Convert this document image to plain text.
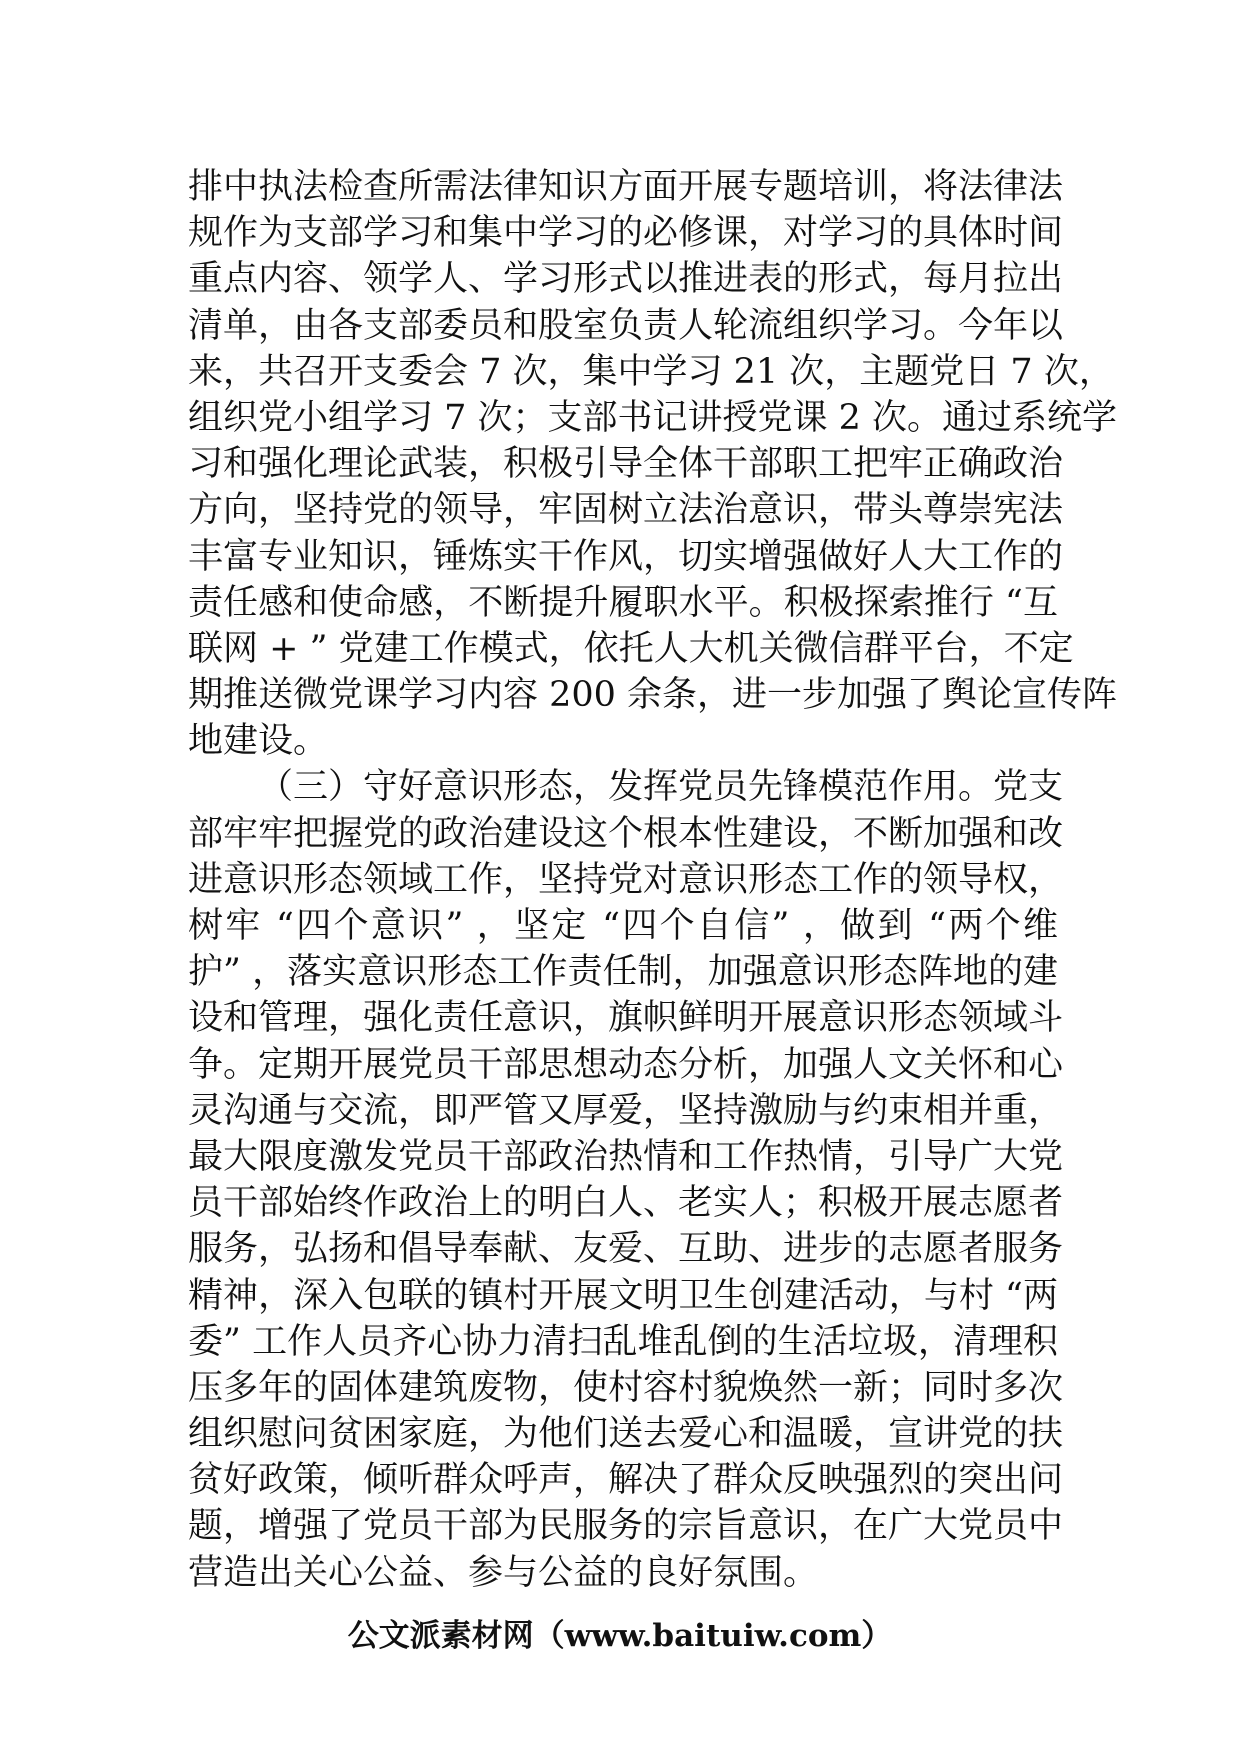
排中执法检查所需法律知识方面开展专题培训，将法律法
规作为支部学习和集中学习的必修课，对学习的具体时间
重点内容、领学人、学习形式以推进表的形式，每月拉出
清单，由各支部委员和股室负责人轮流组织学习。今年以
来，共召开支委会 7 次，集中学习 21 次，主题党日 7 次，
组织党小组学习 7 次；支部书记讲授党课 2 次。通过系统学
习和强化理论武装，积极引导全体干部职工把牢正确政治
方向，坚持党的领导，牢固树立法治意识，带头尊崇宪法
丰富专业知识，锤炼实干作风，切实增强做好人大工作的
责任感和使命感，不断提升履职水平。积极探索推行 “互
联网 + ” 党建工作模式，依托人大机关微信群平台，不定
期推送微党课学习内容 200 余条，进一步加强了舆论宣传阵
地建设。
（三）守好意识形态，发挥党员先锋模范作用。党支
部牢牢把握党的政治建设这个根本性建设，不断加强和改
进意识形态领域工作，坚持党对意识形态工作的领导权，
树牢 “四个意识” ，坚定 “四个自信” ，做到 “两个维
护” ，落实意识形态工作责任制，加强意识形态阵地的建
设和管理，强化责任意识，旗帜鲜明开展意识形态领域斗
争。定期开展党员干部思想动态分析，加强人文关怀和心
灵沟通与交流，即严管又厚爱，坚持激励与约束相并重，
最大限度激发党员干部政治热情和工作热情，引导广大党
员干部始终作政治上的明白人、老实人；积极开展志愿者
服务，弘扬和倡导奉献、友爱、互助、进步的志愿者服务
精神，深入包联的镇村开展文明卫生创建活动，与村 “两
委” 工作人员齐心协力清扫乱堆乱倒的生活垃圾，清理积
压多年的固体建筑废物，使村容村貌焕然一新；同时多次
组织慰问贫困家庭，为他们送去爱心和温暖，宣讲党的扶
贫好政策，倾听群众呼声，解决了群众反映强烈的突出问
题，增强了党员干部为民服务的宗旨意识，在广大党员中
营造出关心公益、参与公益的良好氛围。
公文派素材网（www.baituiw.com）
